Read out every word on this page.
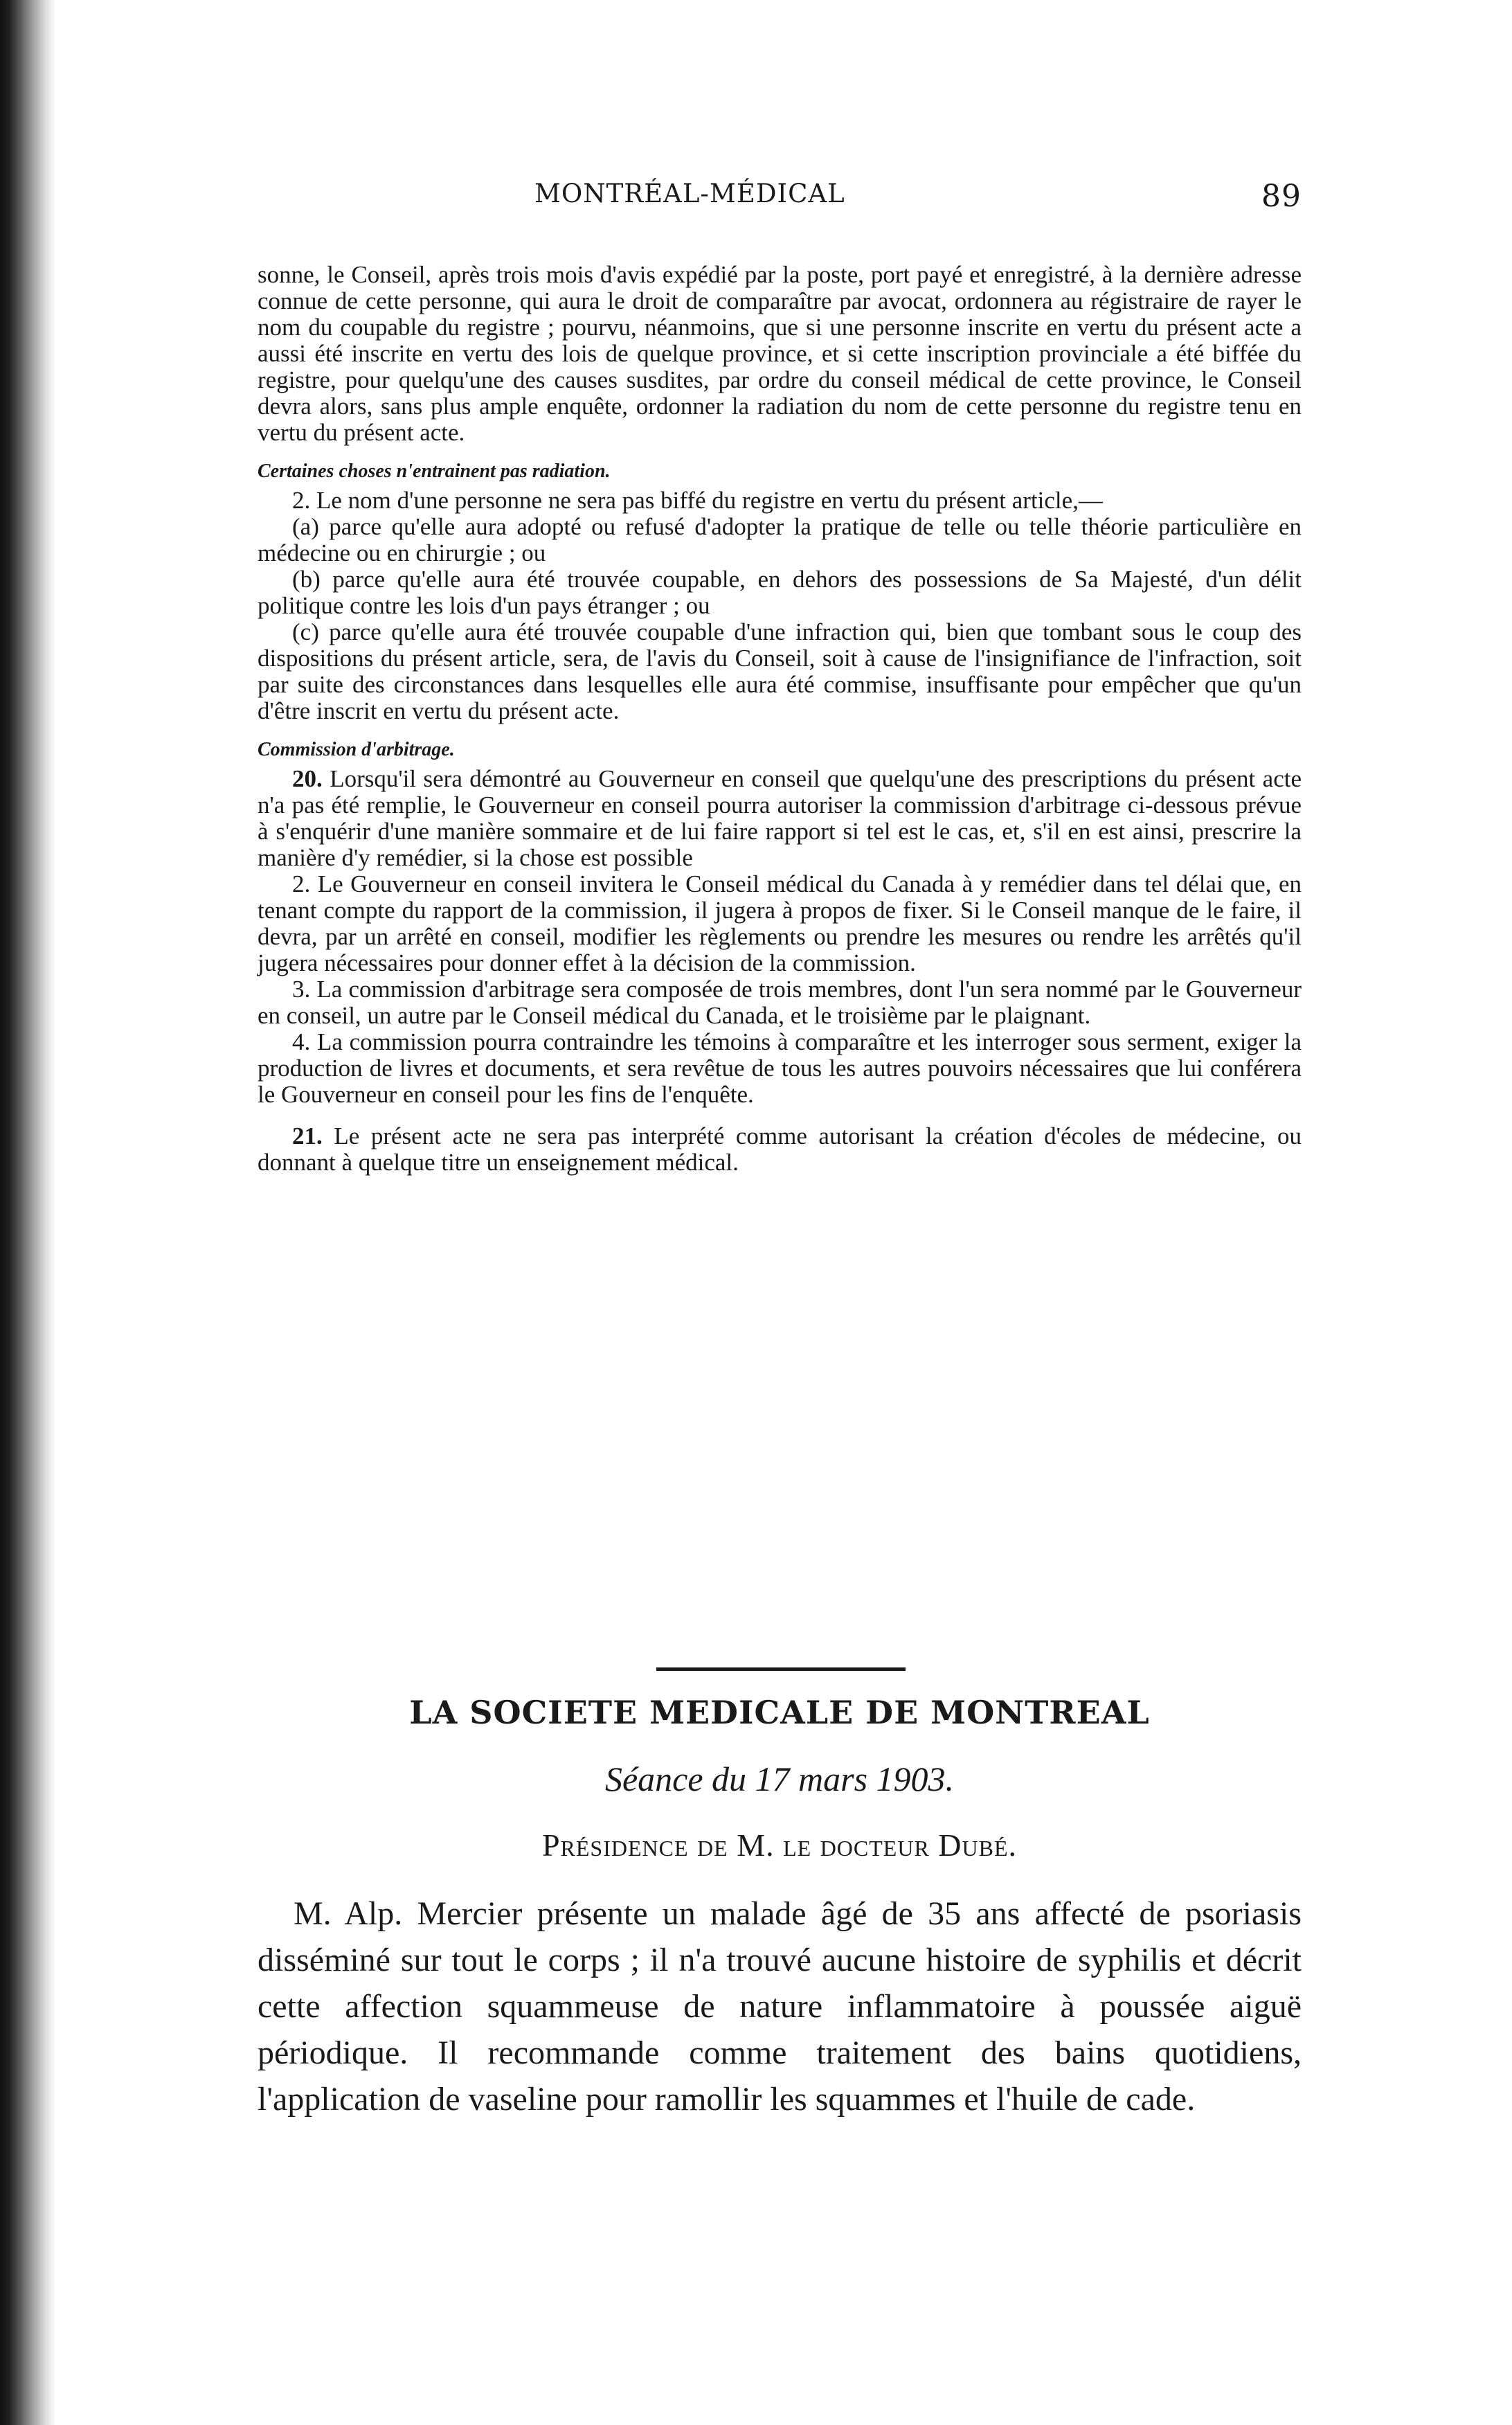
MONTRÉAL-MÉDICAL	89

sonne, le Conseil, après trois mois d'avis expédié par la poste, port payé et enregistré, à la dernière adresse connue de cette personne, qui aura le droit de comparaître par avocat, ordonnera au régistraire de rayer le nom du coupable du registre ; pourvu, néanmoins, que si une personne inscrite en vertu du présent acte a aussi été inscrite en vertu des lois de quelque province, et si cette inscription provinciale a été biffée du registre, pour quelqu'une des causes susdites, par ordre du conseil médical de cette province, le Conseil devra alors, sans plus ample enquête, ordonner la radiation du nom de cette personne du registre tenu en vertu du présent acte.

Certaines choses n'entrainent pas radiation.

2. Le nom d'une personne ne sera pas biffé du registre en vertu du présent article,—

(a) parce qu'elle aura adopté ou refusé d'adopter la pratique de telle ou telle théorie particulière en médecine ou en chirurgie ; ou

(b) parce qu'elle aura été trouvée coupable, en dehors des possessions de Sa Majesté, d'un délit politique contre les lois d'un pays étranger ; ou

(c) parce qu'elle aura été trouvée coupable d'une infraction qui, bien que tombant sous le coup des dispositions du présent article, sera, de l'avis du Conseil, soit à cause de l'insignifiance de l'infraction, soit par suite des circonstances dans lesquelles elle aura été commise, insuffisante pour empêcher que qu'un d'être inscrit en vertu du présent acte.

Commission d'arbitrage.

20. Lorsqu'il sera démontré au Gouverneur en conseil que quelqu'une des prescriptions du présent acte n'a pas été remplie, le Gouverneur en conseil pourra autoriser la commission d'arbitrage ci-dessous prévue à s'enquérir d'une manière sommaire et de lui faire rapport si tel est le cas, et, s'il en est ainsi, prescrire la manière d'y remédier, si la chose est possible

2. Le Gouverneur en conseil invitera le Conseil médical du Canada à y remédier dans tel délai que, en tenant compte du rapport de la commission, il jugera à propos de fixer. Si le Conseil manque de le faire, il devra, par un arrêté en conseil, modifier les règlements ou prendre les mesures ou rendre les arrêtés qu'il jugera nécessaires pour donner effet à la décision de la commission.

3. La commission d'arbitrage sera composée de trois membres, dont l'un sera nommé par le Gouverneur en conseil, un autre par le Conseil médical du Canada, et le troisième par le plaignant.

4. La commission pourra contraindre les témoins à comparaître et les interroger sous serment, exiger la production de livres et documents, et sera revêtue de tous les autres pouvoirs nécessaires que lui conférera le Gouverneur en conseil pour les fins de l'enquête.

21. Le présent acte ne sera pas interprété comme autorisant la création d'écoles de médecine, ou donnant à quelque titre un enseignement médical.

LA SOCIETE MEDICALE DE MONTREAL
Séance du 17 mars 1903.
Présidence de M. le docteur Dubé.

M. Alp. Mercier présente un malade âgé de 35 ans affecté de psoriasis disséminé sur tout le corps ; il n'a trouvé aucune histoire de syphilis et décrit cette affection squammeuse de nature inflammatoire à poussée aiguë périodique. Il recommande comme traitement des bains quotidiens, l'application de vaseline pour ramollir les squammes et l'huile de cade.
